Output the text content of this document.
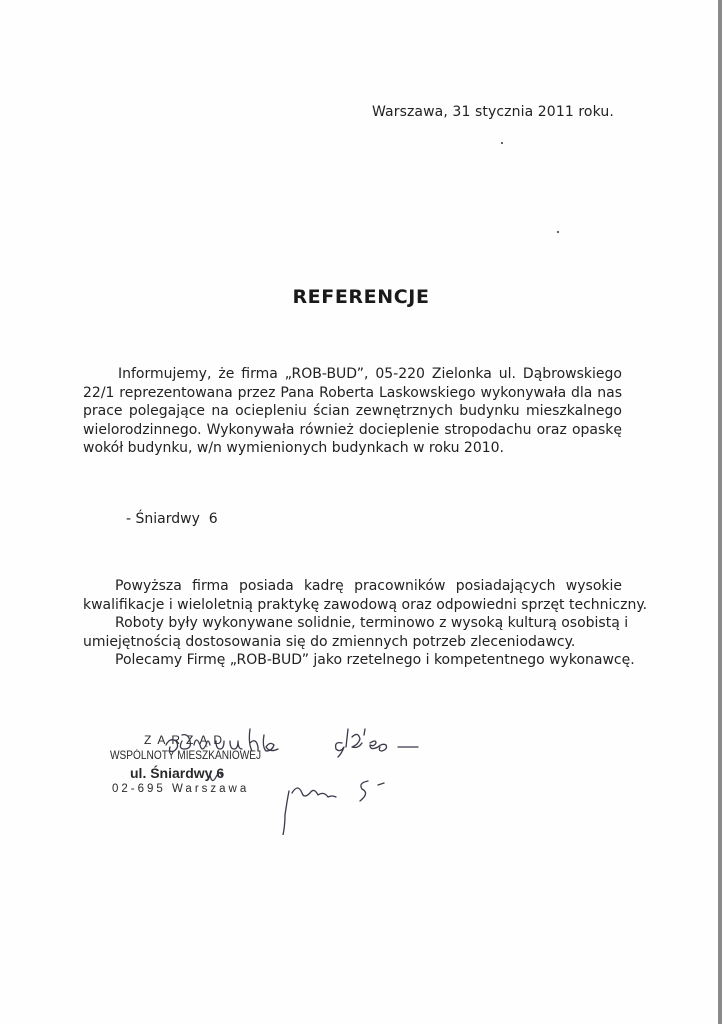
Warszawa, 31 stycznia 2011 roku.
REFERENCJE
Informujemy, że firma „ROB-BUD”, 05-220 Zielonka ul. Dąbrowskiego
22/1 reprezentowana przez Pana Roberta Laskowskiego wykonywała dla nas
prace polegające na ociepleniu ścian zewnętrznych budynku mieszkalnego
wielorodzinnego. Wykonywała również docieplenie stropodachu oraz opaskę
wokół budynku, w/n wymienionych budynkach w roku 2010.
- Śniardwy  6
Powyższa firma posiada kadrę pracowników posiadających wysokie
kwalifikacje i wieloletnią praktykę zawodową oraz odpowiedni sprzęt techniczny.
Roboty były wykonywane solidnie, terminowo z wysoką kulturą osobistą i
umiejętnością dostosowania się do zmiennych potrzeb zleceniodawcy.
Polecamy Firmę „ROB-BUD” jako rzetelnego i kompetentnego wykonawcę.
ZARZĄD
WSPÓLNOTY MIESZKANIOWEJ
ul. Śniardwy 6
02-695 Warszawa
